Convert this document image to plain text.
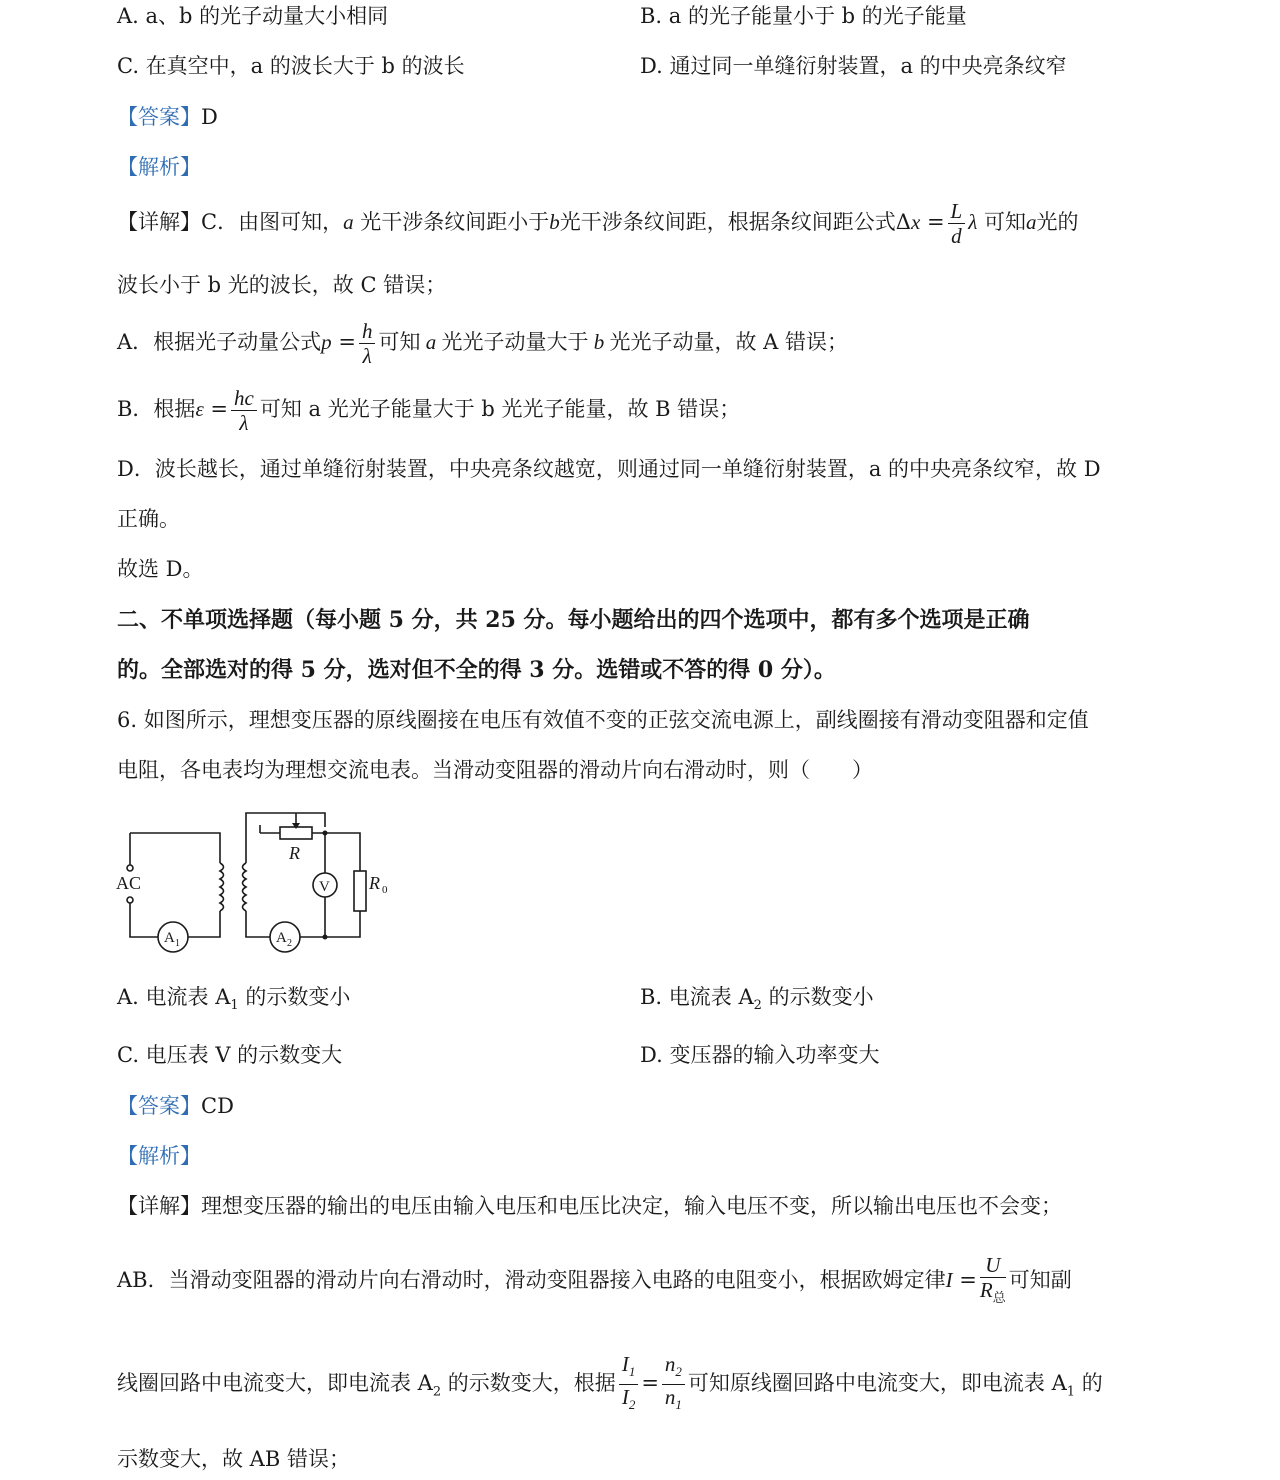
A. a、b 的光子动量大小相同	B. a 的光子能量小于 b 的光子能量
C. 在真空中，a 的波长大于 b 的波长	D. 通过同一单缝衍射装置，a 的中央亮条纹窄
【答案】D
【解析】
【详解】C．由图可知，a 光干涉条纹间距小于b光干涉条纹间距，根据条纹间距公式$\Delta x = \frac{L}{d}$ λ 可知a光的
波长小于 b 光的波长，故 C 错误；
A．根据光子动量公式$p = \frac{h}{\lambda}$ 可知 a 光光子动量大于 b 光光子动量，故 A 错误；
B．根据$\varepsilon = \frac{hc}{\lambda}$ 可知 a 光光子能量大于 b 光光子能量，故 B 错误；
D．波长越长，通过单缝衍射装置，中央亮条纹越宽，则通过同一单缝衍射装置，a 的中央亮条纹窄，故 D
正确。
故选 D。
二、不单项选择题（每小题 5 分，共 25 分。每小题给出的四个选项中，都有多个选项是正确
的。全部选对的得 5 分，选对但不全的得 3 分。选错或不答的得 0 分）。
6. 如图所示，理想变压器的原线圈接在电压有效值不变的正弦交流电源上，副线圈接有滑动变阻器和定值
电阻，各电表均为理想交流电表。当滑动变阻器的滑动片向右滑动时，则（　　）
AC
R
V R 0
A 1	A 2
A. 电流表 $A_1$ 的示数变小	B. 电流表 $A_2$ 的示数变小
C. 电压表 V 的示数变大	D. 变压器的输入功率变大
【答案】CD
【解析】
【详解】理想变压器的输出的电压由输入电压和电压比决定，输入电压不变，所以输出电压也不会变；
AB．当滑动变阻器的滑动片向右滑动时，滑动变阻器接入电路的电阻变小，根据欧姆定律$I = \frac{U}{R_总}$ 可知副
线圈回路中电流变大，即电流表 $A_2$ 的示数变大，根据 $\frac{I_1}{I_2} = \frac{n_2}{n_1}$ 可知原线圈回路中电流变大，即电流表 $A_1$ 的
示数变大，故 AB 错误；
